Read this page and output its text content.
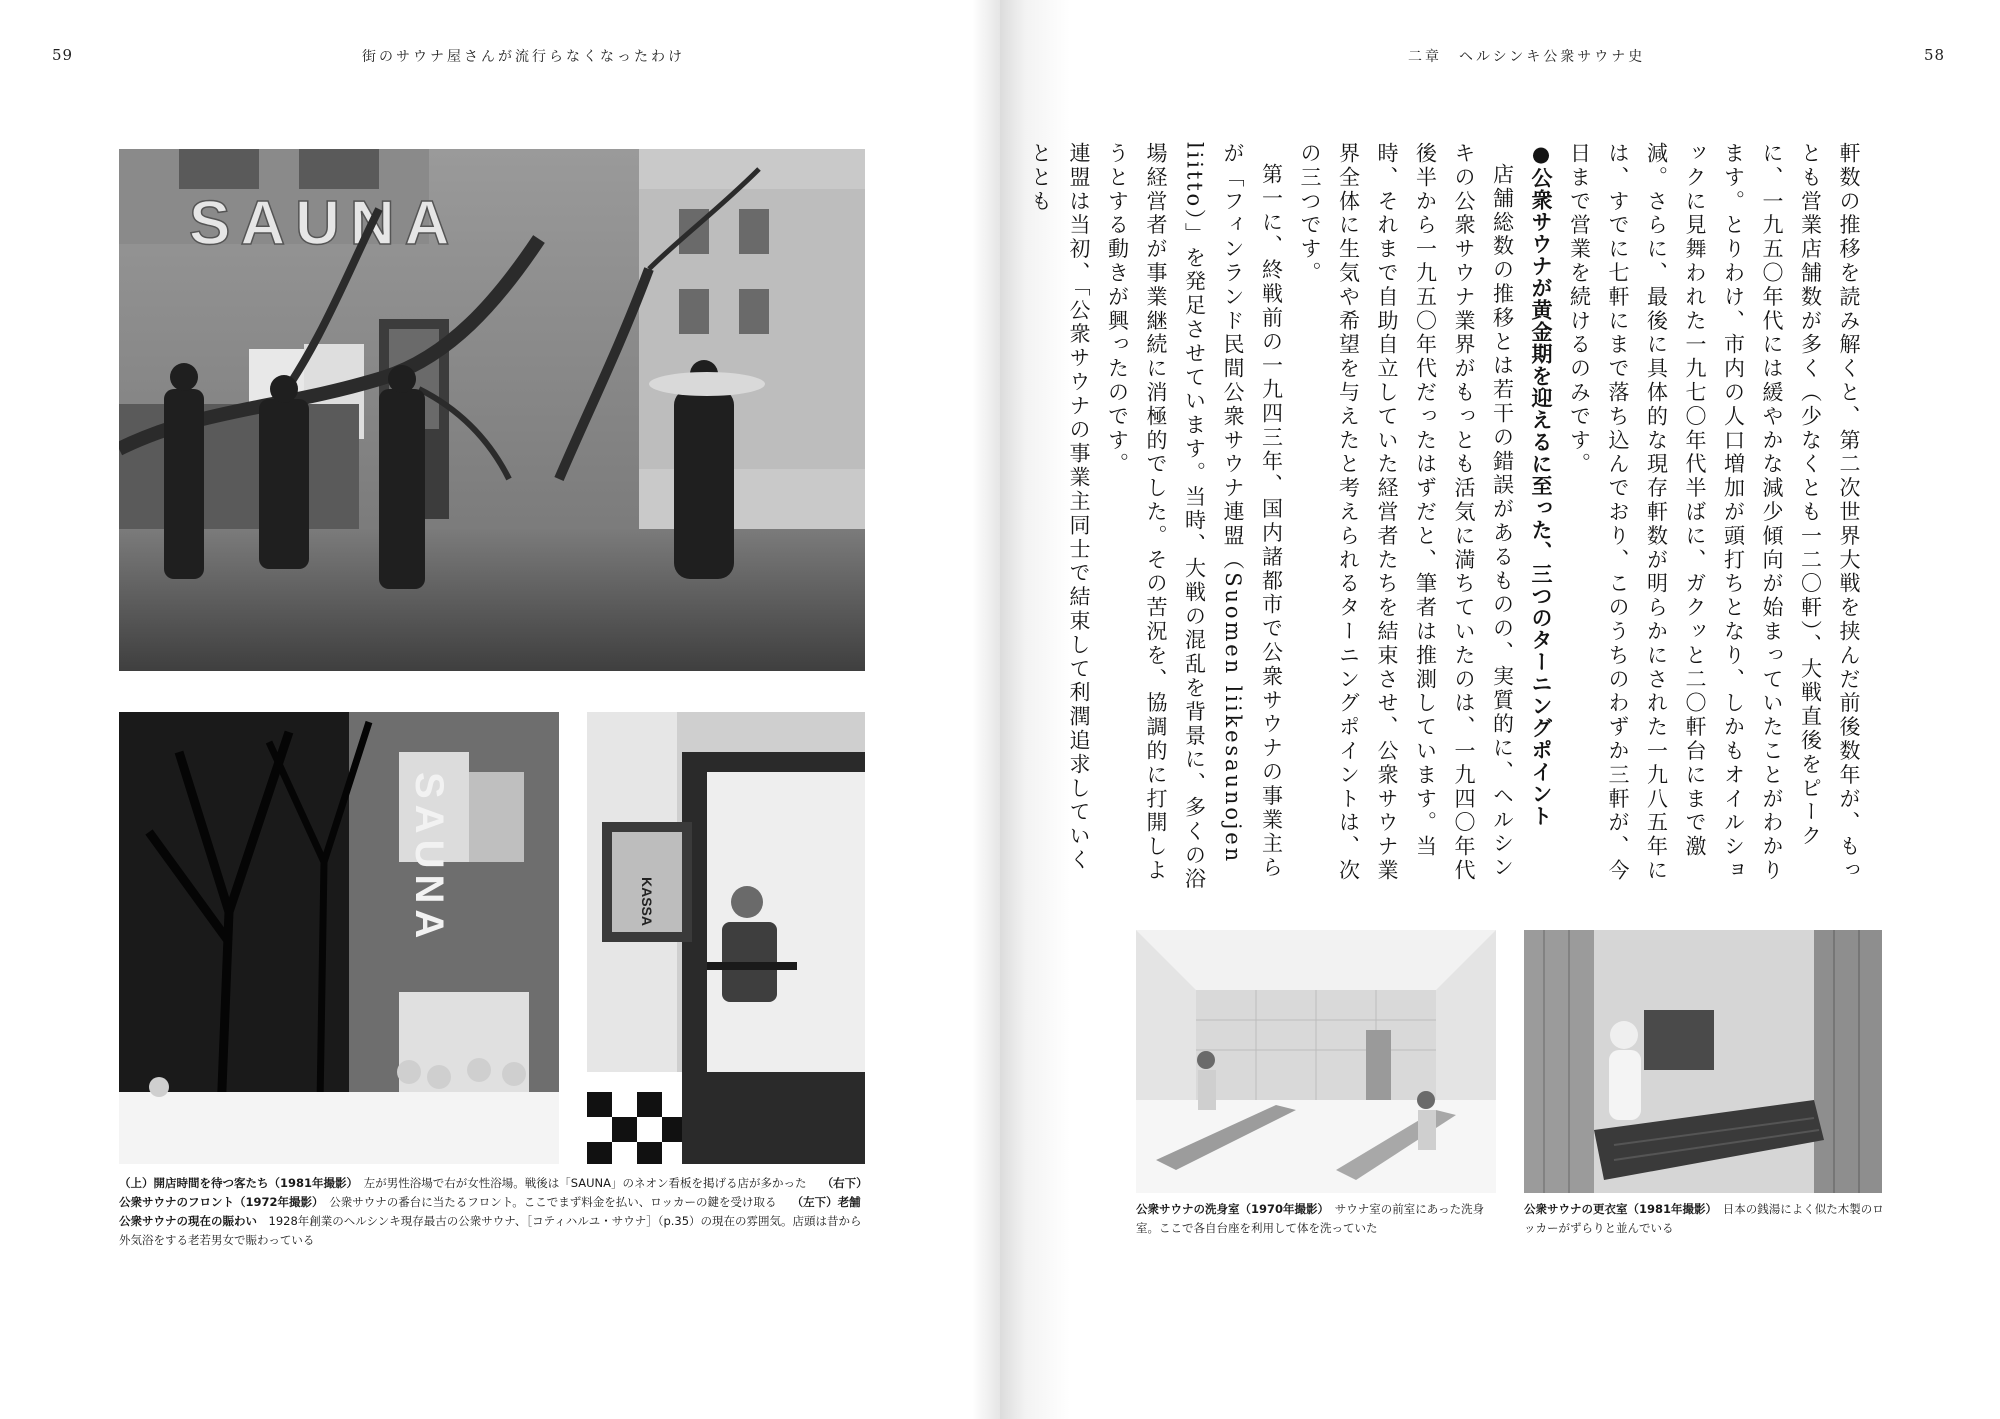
59	街のサウナ屋さんが流行らなくなったわけ
SAUNA
SAUNA	KASSA
（上）開店時間を待つ客たち（1981年撮影）　左が男性浴場で右が女性浴場。戦後は「SAUNA」のネオン看板を掲げる店が多かった　 （右下）公衆サウナのフロント（1972年撮影）　公衆サウナの番台に当たるフロント。ここでまず料金を払い、ロッカーの鍵を受け取る　 （左下）老舗公衆サウナの現在の賑わい　1928年創業のヘルシンキ現存最古の公衆サウナ、［コティハルユ・サウナ］（p.35）の現在の雰囲気。店頭は昔から外気浴をする老若男女で賑わっている
二章　ヘルシンキ公衆サウナ史	58

軒数の推移を読み解くと、第二次世界大戦を挟んだ前後数年が、もっとも営業店舗数が多く（少なくとも一二〇軒）、大戦直後をピークに、一九五〇年代には緩やかな減少傾向が始まっていたことがわかります。とりわけ、市内の人口増加が頭打ちとなり、しかもオイルショックに見舞われた一九七〇年代半ばに、ガクッと二〇軒台にまで激減。さらに、最後に具体的な現存軒数が明らかにされた一九八五年には、すでに七軒にまで落ち込んでおり、このうちのわずか三軒が、今日まで営業を続けるのみです。

●公衆サウナが黄金期を迎えるに至った、三つのターニングポイント

店舗総数の推移とは若干の錯誤があるものの、実質的に、ヘルシンキの公衆サウナ業界がもっとも活気に満ちていたのは、一九四〇年代後半から一九五〇年代だったはずだと、筆者は推測しています。当時、それまで自助自立していた経営者たちを結束させ、公衆サウナ業界全体に生気や希望を与えたと考えられるターニングポイントは、次の三つです。

第一に、終戦前の一九四三年、国内諸都市で公衆サウナの事業主らが「フィンランド民間公衆サウナ連盟（Suomen liikesaunojen liitto）」を発足させています。当時、大戦の混乱を背景に、多くの浴場経営者が事業継続に消極的でした。その苦況を、協調的に打開しようとする動きが興ったのです。

連盟は当初、「公衆サウナの事業主同士で結束して利潤追求していくととも

公衆サウナの洗身室（1970年撮影）　サウナ室の前室にあった洗身室。ここで各自台座を利用して体を洗っていた
公衆サウナの更衣室（1981年撮影）　日本の銭湯によく似た木製のロッカーがずらりと並んでいる
